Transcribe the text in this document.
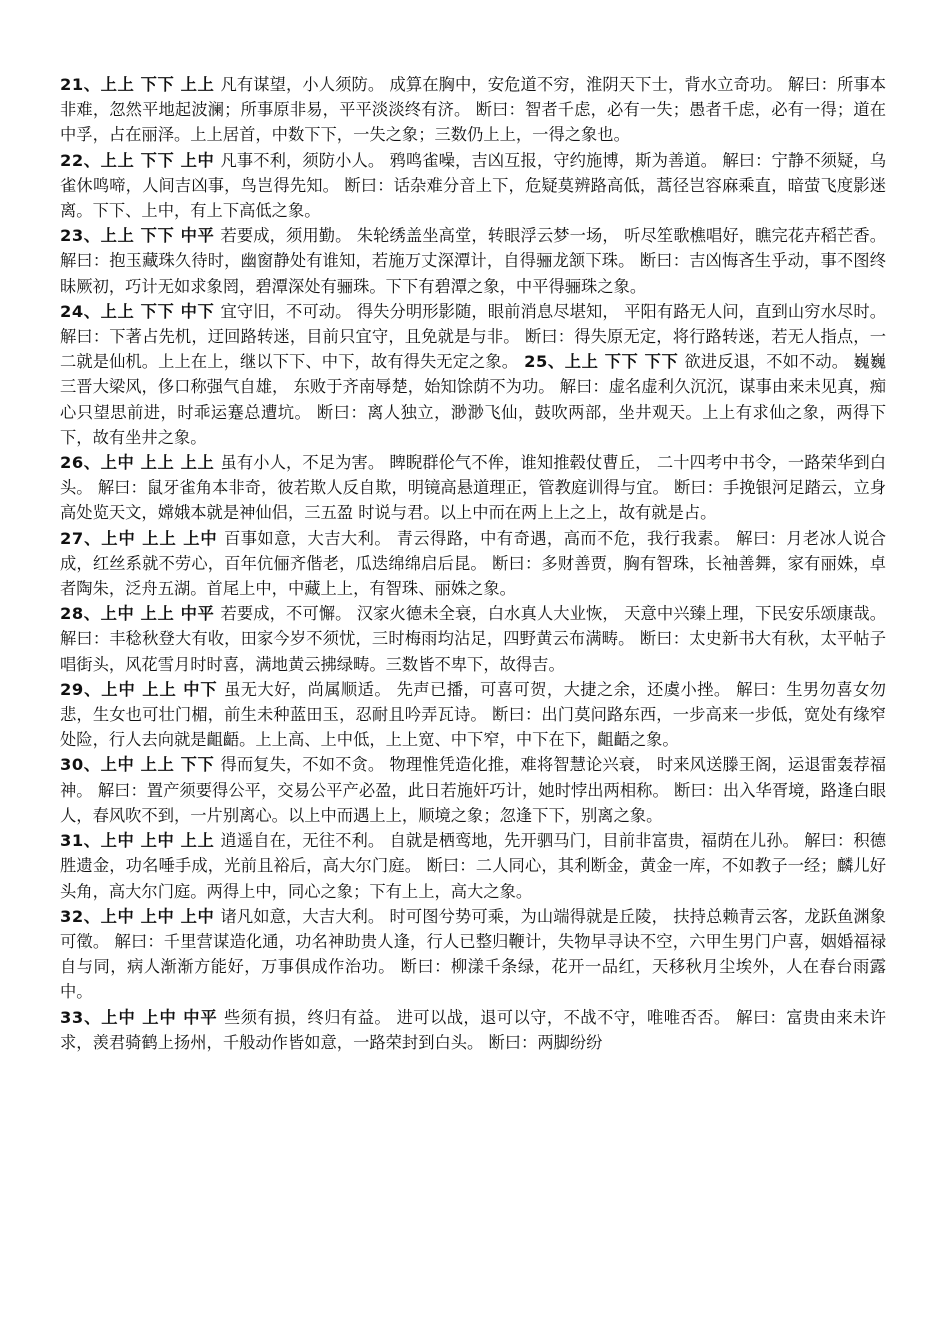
21、上上 下下 上上 凡有谋望，小人须防。 成算在胸中，安危道不穷，淮阴天下士，背水立奇功。 解曰：所事本非难，忽然平地起波澜；所事原非易，平平淡淡终有济。 断曰：智者千虑，必有一失；愚者千虑，必有一得；道在中孚，占在丽泽。上上居首，中数下下，一失之象；三数仍上上，一得之象也。

22、上上 下下 上中 凡事不利，须防小人。 鸦鸣雀噪，吉凶互报，守约施博，斯为善道。 解曰：宁静不须疑，乌雀休鸣啼，人间吉凶事，鸟岂得先知。 断曰：话杂难分音上下，危疑莫辨路高低，蒿径岂容麻乘直，暗萤飞度影迷离。下下、上中，有上下高低之象。

23、上上 下下 中平 若要成，须用勤。 朱轮绣盖坐高堂，转眼浮云梦一场， 听尽笙歌樵唱好，瞧完花卉稻芒香。 解曰：抱玉藏珠久待时，幽窗静处有谁知，若施万丈深潭计，自得骊龙颔下珠。 断曰：吉凶悔吝生乎动，事不图终昧厥初，巧计无如求象罔，碧潭深处有骊珠。下下有碧潭之象，中平得骊珠之象。

24、上上 下下 中下 宜守旧，不可动。 得失分明形影随，眼前消息尽堪知， 平阳有路无人问，直到山穷水尽时。 解曰：下著占先机，迂回路转迷，目前只宜守，且免就是与非。 断曰：得失原无定，将行路转迷，若无人指点，一二就是仙机。上上在上，继以下下、中下，故有得失无定之象。 25、上上 下下 下下 欲进反退，不如不动。 巍巍三晋大梁风，侈口称强气自雄， 东败于齐南辱楚，始知馀荫不为功。 解曰：虚名虚利久沉沉，谋事由来未见真，痴心只望思前进，时乖运蹇总遭坑。 断曰：离人独立，渺渺飞仙，鼓吹两部，坐井观天。上上有求仙之象，两得下下，故有坐井之象。

26、上中 上上 上上 虽有小人，不足为害。 睥睨群伦气不侔，谁知推毂仗曹丘， 二十四考中书令，一路荣华到白头。 解曰：鼠牙雀角本非奇，彼若欺人反自欺，明镜高悬道理正，管教庭训得与宜。 断曰：手挽银河足踏云，立身高处览天文，嫦娥本就是神仙侣，三五盈 时说与君。以上中而在两上上之上，故有就是占。

27、上中 上上 上中 百事如意，大吉大利。 青云得路，中有奇遇，高而不危，我行我素。 解曰：月老冰人说合成，红丝系就不劳心，百年伉俪齐偕老，瓜迭绵绵启后昆。 断曰：多财善贾，胸有智珠，长袖善舞，家有丽姝，卓者陶朱，泛舟五湖。首尾上中，中藏上上，有智珠、丽姝之象。

28、上中 上上 中平 若要成，不可懈。 汉家火德未全衰，白水真人大业恢， 天意中兴臻上理，下民安乐颂康哉。 解曰：丰稔秋登大有收，田家今岁不须忧，三时梅雨均沾足，四野黄云布满畴。 断曰：太史新书大有秋，太平帖子唱街头，风花雪月时时喜，满地黄云拂绿畴。三数皆不卑下，故得吉。

29、上中 上上 中下 虽无大好，尚属顺适。 先声已播，可喜可贺，大捷之余，还虞小挫。 解曰：生男勿喜女勿悲，生女也可壮门楣，前生未种蓝田玉，忍耐且吟弄瓦诗。 断曰：出门莫问路东西，一步高来一步低，宽处有缘窄处险，行人去向就是齟齬。上上高、上中低，上上宽、中下窄，中下在下，齟齬之象。

30、上中 上上 下下 得而复失，不如不贪。 物理惟凭造化推，难将智慧论兴衰， 时来风送滕王阁，运退雷轰荐福神。 解曰：置产须要得公平，交易公平产必盈，此日若施奸巧计，她时悖出两相称。 断曰：出入华胥境，路逢白眼人，春风吹不到，一片别离心。以上中而遇上上，顺境之象；忽逢下下，别离之象。

31、上中 上中 上上 逍遥自在，无往不利。 自就是栖鸾地，先开驷马门，目前非富贵，福荫在儿孙。 解曰：积德胜遗金，功名唾手成，光前且裕后，高大尔门庭。 断曰：二人同心，其利断金，黄金一库，不如教子一经；麟儿好头角，高大尔门庭。两得上中，同心之象；下有上上，高大之象。

32、上中 上中 上中 诸凡如意，大吉大利。 时可图兮势可乘，为山端得就是丘陵， 扶持总赖青云客，龙跃鱼渊象可徵。 解曰：千里营谋造化通，功名神助贵人逢，行人已整归鞭计，失物早寻诀不空，六甲生男门户喜，姻婚福禄自与同，病人渐渐方能好，万事俱成作治功。 断曰：柳漾千条绿，花开一品红，天移秋月尘埃外，人在春台雨露中。

33、上中 上中 中平 些须有损，终归有益。 进可以战，退可以守，不战不守，唯唯否否。 解曰：富贵由来未许求，羡君骑鹤上扬州，千般动作皆如意，一路荣封到白头。 断曰：两脚纷纷
